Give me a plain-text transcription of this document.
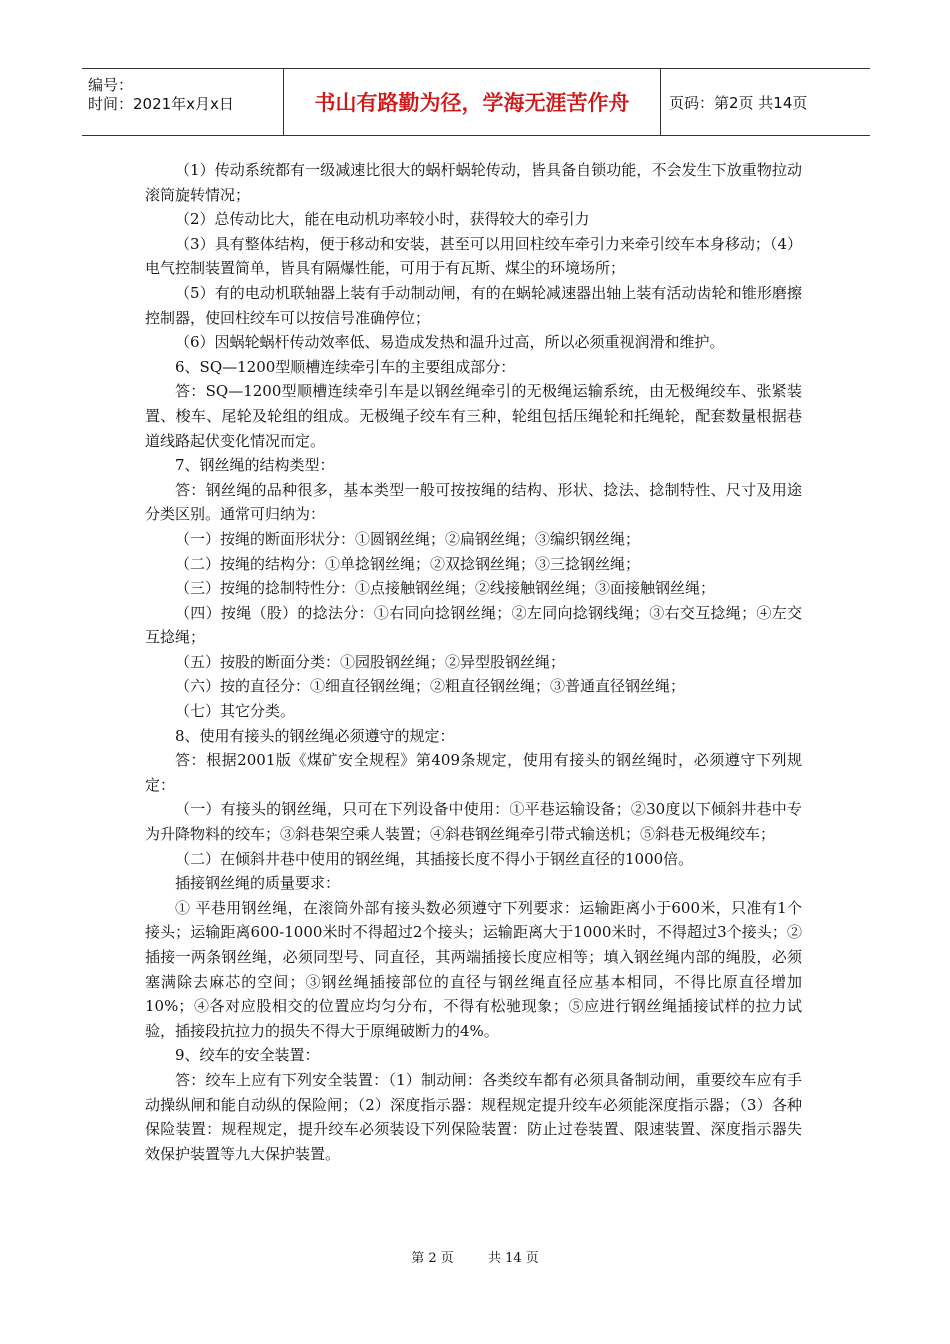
编号：
时间：2021年x月x日	书山有路勤为径，学海无涯苦作舟	页码：第2页 共14页

（1）传动系统都有一级减速比很大的蜗杆蜗轮传动，皆具备自锁功能，不会发生下放重物拉动滚筒旋转情况；

（2）总传动比大，能在电动机功率较小时，获得较大的牵引力

（3）具有整体结构，便于移动和安装，甚至可以用回柱绞车牵引力来牵引绞车本身移动；（4）电气控制装置简单，皆具有隔爆性能，可用于有瓦斯、煤尘的环境场所；

（5）有的电动机联轴器上装有手动制动闸，有的在蜗轮减速器出轴上装有活动齿轮和锥形磨擦控制器，使回柱绞车可以按信号准确停位；

（6）因蜗轮蜗杆传动效率低、易造成发热和温升过高，所以必须重视润滑和维护。

6、SQ—1200型顺槽连续牵引车的主要组成部分：

答：SQ—1200型顺槽连续牵引车是以钢丝绳牵引的无极绳运输系统，由无极绳绞车、张紧装置、梭车、尾轮及轮组的组成。无极绳子绞车有三种，轮组包括压绳轮和托绳轮，配套数量根据巷道线路起伏变化情况而定。

7、钢丝绳的结构类型：

答：钢丝绳的品种很多，基本类型一般可按按绳的结构、形状、捻法、捻制特性、尺寸及用途分类区别。通常可归纳为：

（一）按绳的断面形状分：①圆钢丝绳；②扁钢丝绳；③编织钢丝绳；

（二）按绳的结构分：①单捻钢丝绳；②双捻钢丝绳；③三捻钢丝绳；

（三）按绳的捻制特性分：①点接触钢丝绳；②线接触钢丝绳；③面接触钢丝绳；

（四）按绳（股）的捻法分：①右同向捻钢丝绳；②左同向捻钢线绳；③右交互捻绳；④左交互捻绳；

（五）按股的断面分类：①园股钢丝绳；②异型股钢丝绳；

（六）按的直径分：①细直径钢丝绳；②粗直径钢丝绳；③普通直径钢丝绳；

（七）其它分类。

8、使用有接头的钢丝绳必须遵守的规定：

答：根据2001版《煤矿安全规程》第409条规定，使用有接头的钢丝绳时，必须遵守下列规定：

（一）有接头的钢丝绳，只可在下列设备中使用：①平巷运输设备；②30度以下倾斜井巷中专为升降物料的绞车；③斜巷架空乘人装置；④斜巷钢丝绳牵引带式输送机；⑤斜巷无极绳绞车；

（二）在倾斜井巷中使用的钢丝绳，其插接长度不得小于钢丝直径的1000倍。

插接钢丝绳的质量要求：

① 平巷用钢丝绳，在滚筒外部有接头数必须遵守下列要求：运输距离小于600米，只准有1个接头；运输距离600-1000米时不得超过2个接头；运输距离大于1000米时，不得超过3个接头；②插接一两条钢丝绳，必须同型号、同直径，其两端插接长度应相等；填入钢丝绳内部的绳股，必须塞满除去麻芯的空间；③钢丝绳插接部位的直径与钢丝绳直径应基本相同，不得比原直径增加10%；④各对应股相交的位置应均匀分布，不得有松驰现象；⑤应进行钢丝绳插接试样的拉力试验，插接段抗拉力的损失不得大于原绳破断力的4%。

9、绞车的安全装置：

答：绞车上应有下列安全装置：（1）制动闸：各类绞车都有必须具备制动闸，重要绞车应有手动操纵闸和能自动纵的保险闸；（2）深度指示器：规程规定提升绞车必须能深度指示器；（3）各种保险装置：规程规定，提升绞车必须装设下列保险装置：防止过卷装置、限速装置、深度指示器失效保护装置等九大保护装置。

第 2 页	共 14 页
